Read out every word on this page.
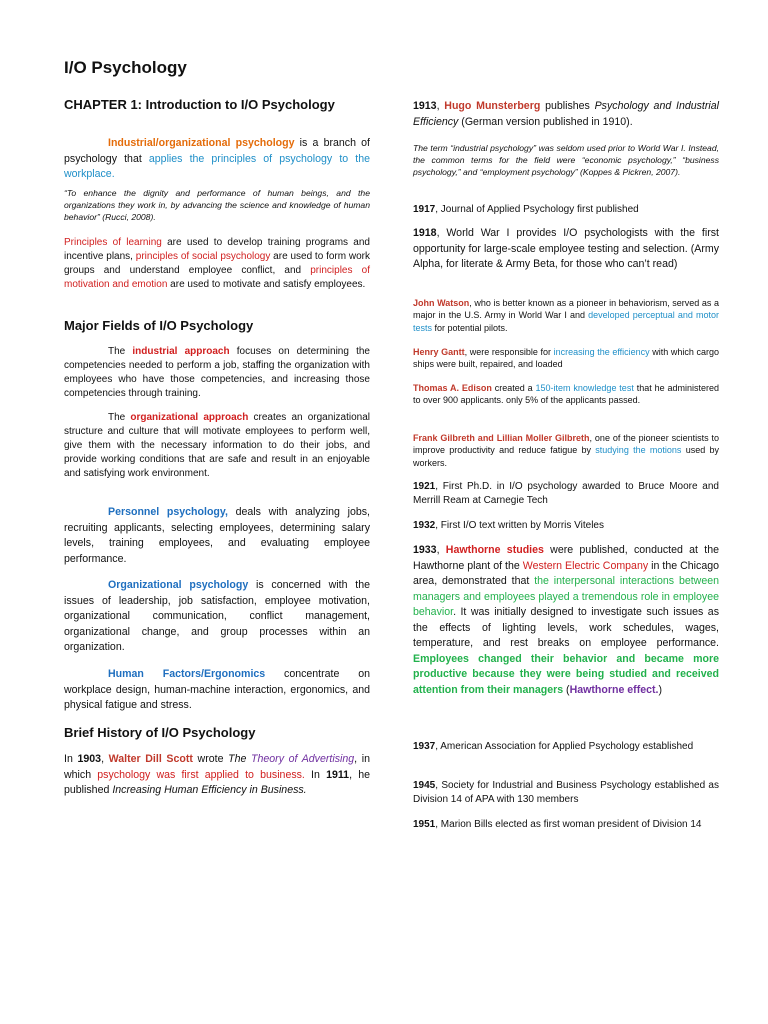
I/O Psychology
CHAPTER 1: Introduction to I/O Psychology

Industrial/organizational psychology is a branch of psychology that applies the principles of psychology to the workplace.

“To enhance the dignity and performance of human beings, and the organizations they work in, by advancing the science and knowledge of human behavior” (Rucci, 2008).

Principles of learning are used to develop training programs and incentive plans, principles of social psychology are used to form work groups and understand employee conflict, and principles of motivation and emotion are used to motivate and satisfy employees.

Major Fields of I/O Psychology

The industrial approach focuses on determining the competencies needed to perform a job, staffing the organization with employees who have those competencies, and increasing those competencies through training.

The organizational approach creates an organizational structure and culture that will motivate employees to perform well, give them with the necessary information to do their jobs, and provide working conditions that are safe and result in an enjoyable and satisfying work environment.

Personnel psychology, deals with analyzing jobs, recruiting applicants, selecting employees, determining salary levels, training employees, and evaluating employee performance.

Organizational psychology is concerned with the issues of leadership, job satisfaction, employee motivation, organizational communication, conflict management, organizational change, and group processes within an organization.

Human Factors/Ergonomics concentrate on workplace design, human-machine interaction, ergonomics, and physical fatigue and stress.

Brief History of I/O Psychology

In 1903, Walter Dill Scott wrote The Theory of Advertising, in which psychology was first applied to business. In 1911, he published Increasing Human Efficiency in Business.

1913, Hugo Munsterberg publishes Psychology and Industrial Efficiency (German version published in 1910).

The term “industrial psychology” was seldom used prior to World War I. Instead, the common terms for the field were “economic psychology,” “business psychology,” and “employment psychology” (Koppes & Pickren, 2007).

1917, Journal of Applied Psychology first published

1918, World War I provides I/O psychologists with the first opportunity for large-scale employee testing and selection. (Army Alpha, for literate & Army Beta, for those who can’t read)

John Watson, who is better known as a pioneer in behaviorism, served as a major in the U.S. Army in World War I and developed perceptual and motor tests for potential pilots.

Henry Gantt, were responsible for increasing the efficiency with which cargo ships were built, repaired, and loaded

Thomas A. Edison created a 150-item knowledge test that he administered to over 900 applicants. only 5% of the applicants passed.

Frank Gilbreth and Lillian Moller Gilbreth, one of the pioneer scientists to improve productivity and reduce fatigue by studying the motions used by workers.

1921, First Ph.D. in I/O psychology awarded to Bruce Moore and Merrill Ream at Carnegie Tech

1932, First I/O text written by Morris Viteles

1933, Hawthorne studies were published, conducted at the Hawthorne plant of the Western Electric Company in the Chicago area, demonstrated that the interpersonal interactions between managers and employees played a tremendous role in employee behavior. It was initially designed to investigate such issues as the effects of lighting levels, work schedules, wages, temperature, and rest breaks on employee performance. Employees changed their behavior and became more productive because they were being studied and received attention from their managers (Hawthorne effect.)

1937, American Association for Applied Psychology established

1945, Society for Industrial and Business Psychology established as Division 14 of APA with 130 members

1951, Marion Bills elected as first woman president of Division 14
